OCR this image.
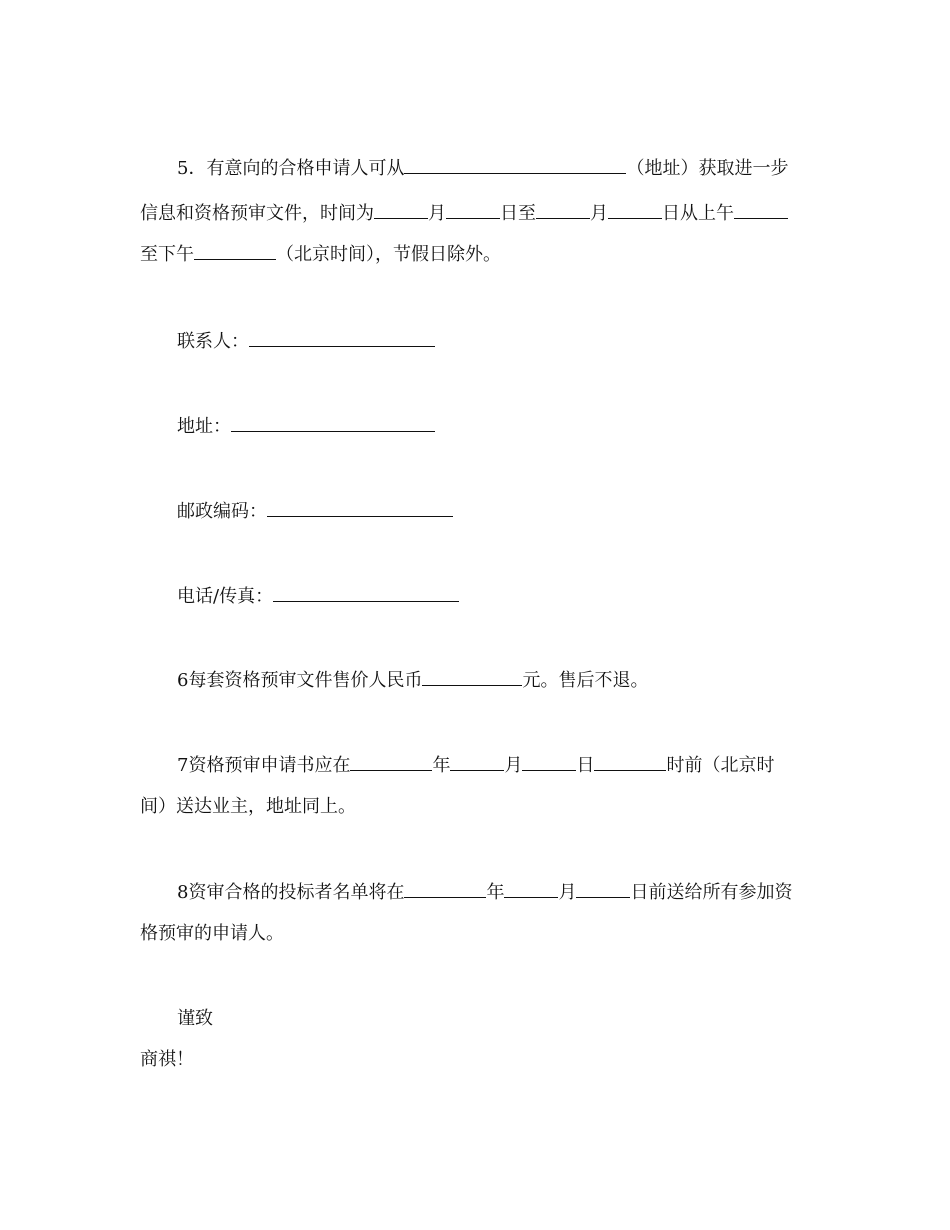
5．有意向的合格申请人可从	（地址）获取进一步
信息和资格预审文件，时间为	月	日至	月	日从上午
至下午	（北京时间），节假日除外。
联系人：
地址：
邮政编码：
电话/传真：
6每套资格预审文件售价人民币	元。售后不退。
7资格预审申请书应在	年	月	日	时前（北京时
间）送达业主，地址同上。
8资审合格的投标者名单将在	年	月	日前送给所有参加资
格预审的申请人。
谨致
商祺！
